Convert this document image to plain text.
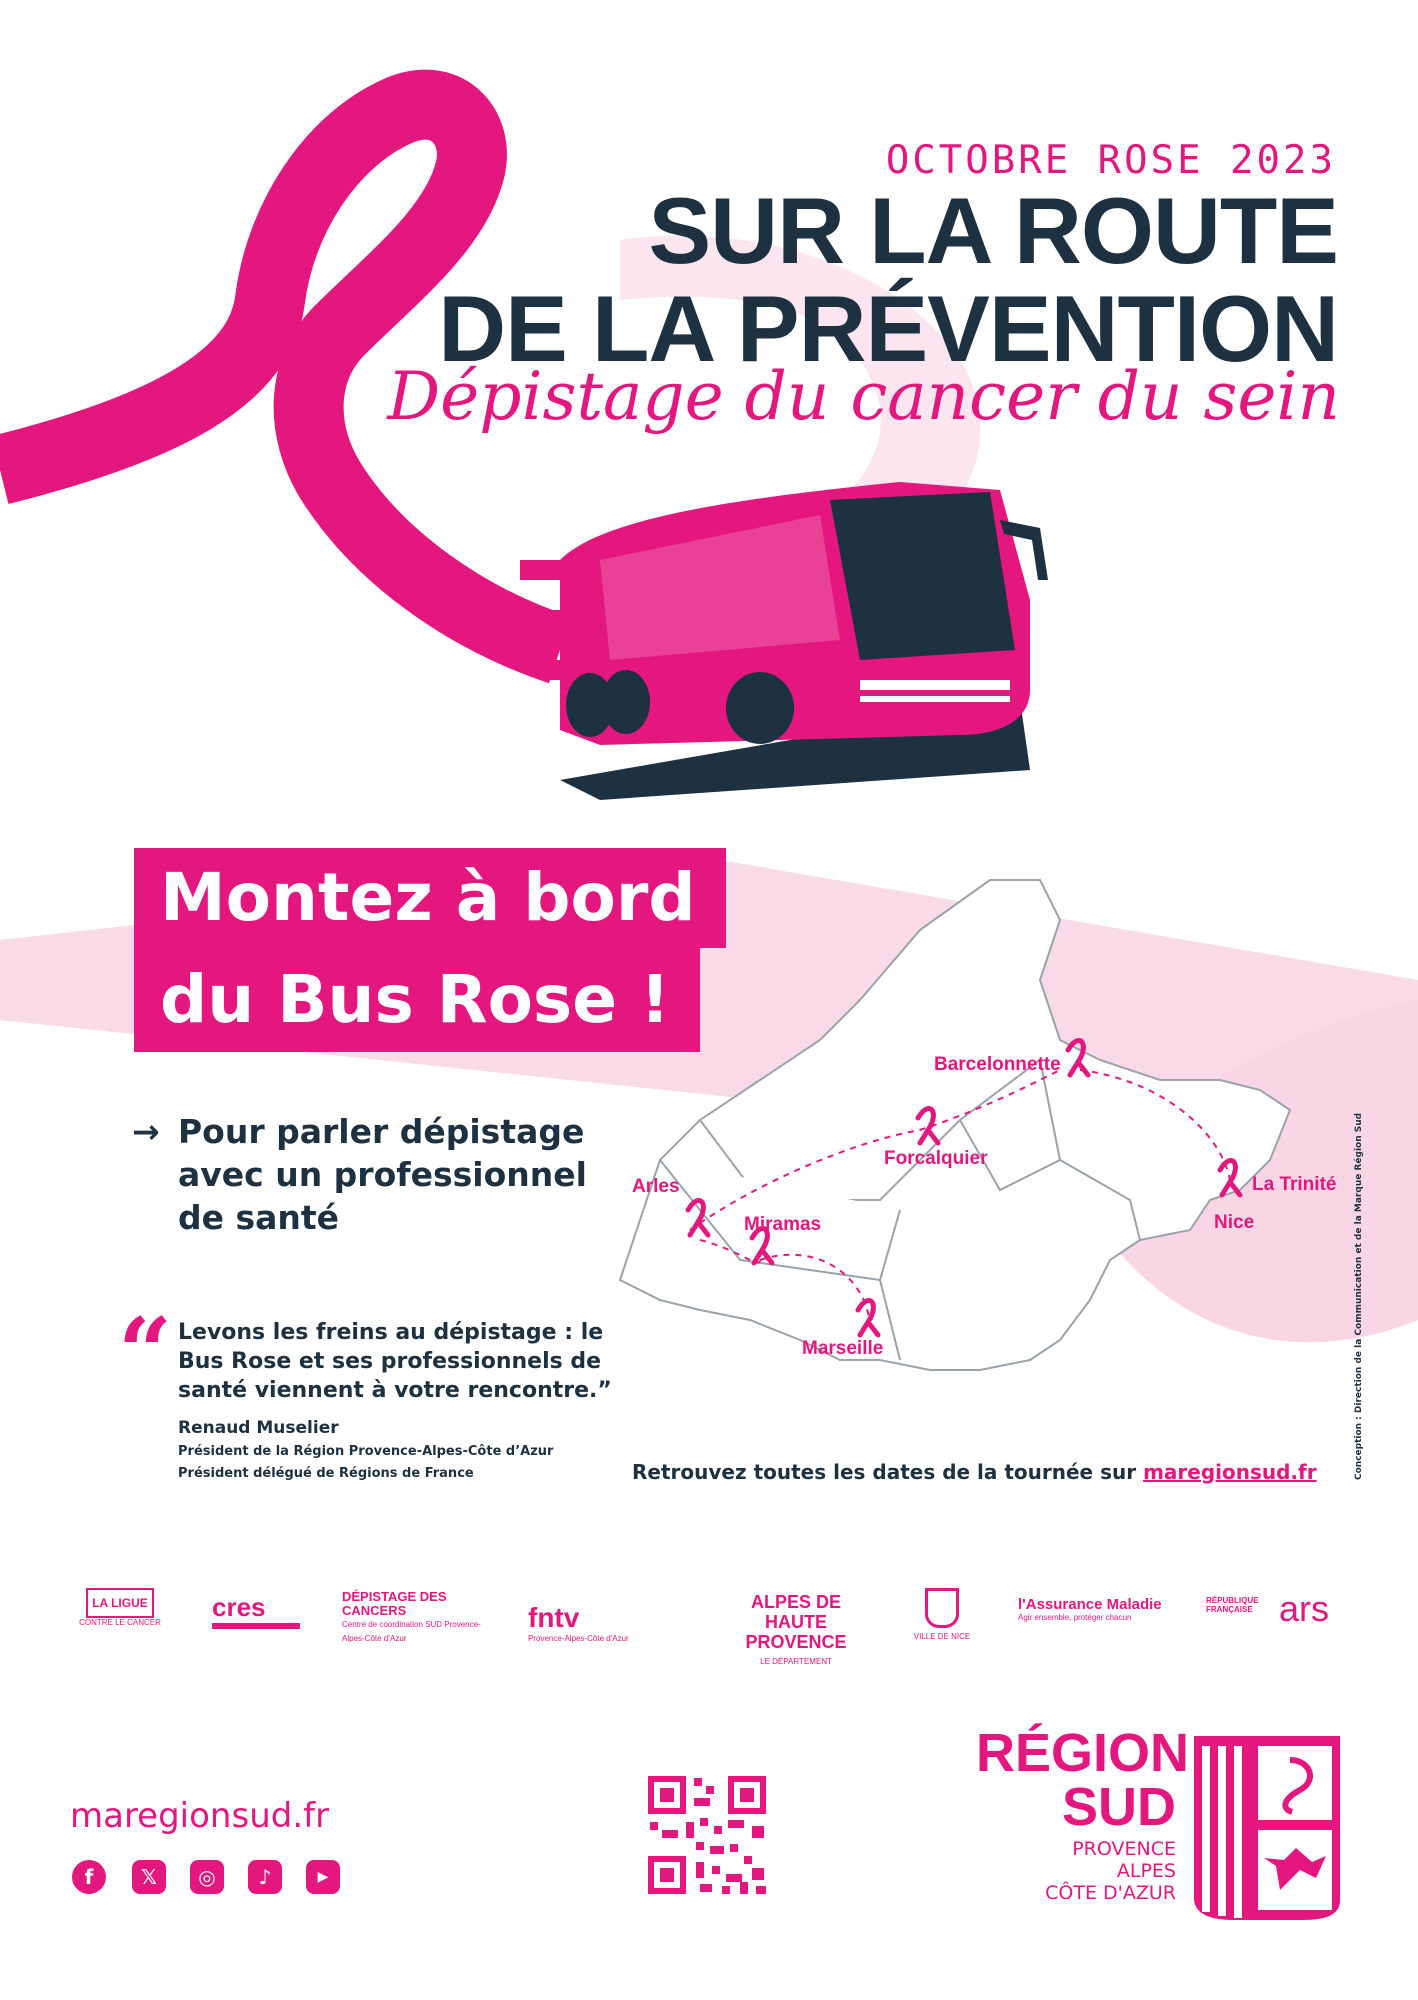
OCTOBRE ROSE 2023
SUR LA ROUTE
DE LA PRÉVENTION
Dépistage du cancer du sein
Montez à bord
du Bus Rose !
→ Pour parler dépistage avec un professionnel de santé
“ Levons les freins au dépistage : le Bus Rose et ses professionnels de santé viennent à votre rencontre.”
Renaud Muselier
Président de la Région Provence-Alpes-Côte d’Azur
Président délégué de Régions de France
Barcelonnette
Forcalquier
Arles
Miramas
La Trinité
Nice
Marseille
Retrouvez toutes les dates de la tournée sur maregionsud.fr	Conception : Direction de la Communication et de la Marque Région Sud
LA LIGUE
CONTRE LE CANCER
cres	DÉPISTAGE DES CANCERS
Centre de coordination SUD Provence-Alpes-Côte d’Azur
fntv
Provence-Alpes-Côte d'Azur
ALPES DE HAUTE PROVENCE
LE DÉPARTEMENT
VILLE DE NICE
l'Assurance Maladie
Agir ensemble, protéger chacun
RÉPUBLIQUE FRANÇAISE ars
maregionsud.fr
f	𝕏	◎	♪	▶
RÉGION
SUD
PROVENCE
ALPES
CÔTE D'AZUR
